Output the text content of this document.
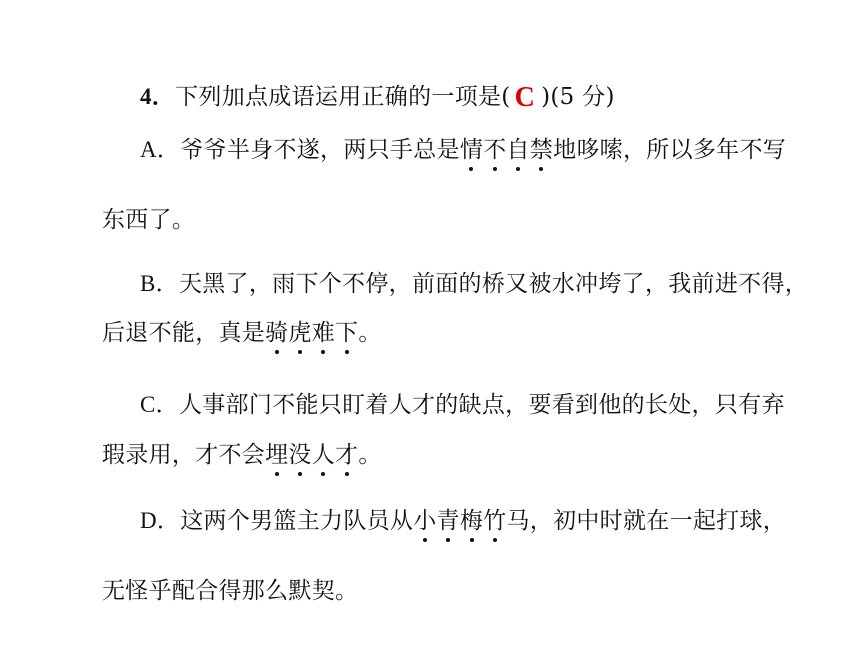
4．下列加点成语运用正确的一项是( C )(5 分)
A．爷爷半身不遂，两只手总是情不自禁地哆嗦，所以多年不写
东西了。
B．天黑了，雨下个不停，前面的桥又被水冲垮了，我前进不得，
后退不能，真是骑虎难下。
C．人事部门不能只盯着人才的缺点，要看到他的长处，只有弃
瑕录用，才不会埋没人才。
D．这两个男篮主力队员从小青梅竹马，初中时就在一起打球，
无怪乎配合得那么默契。
